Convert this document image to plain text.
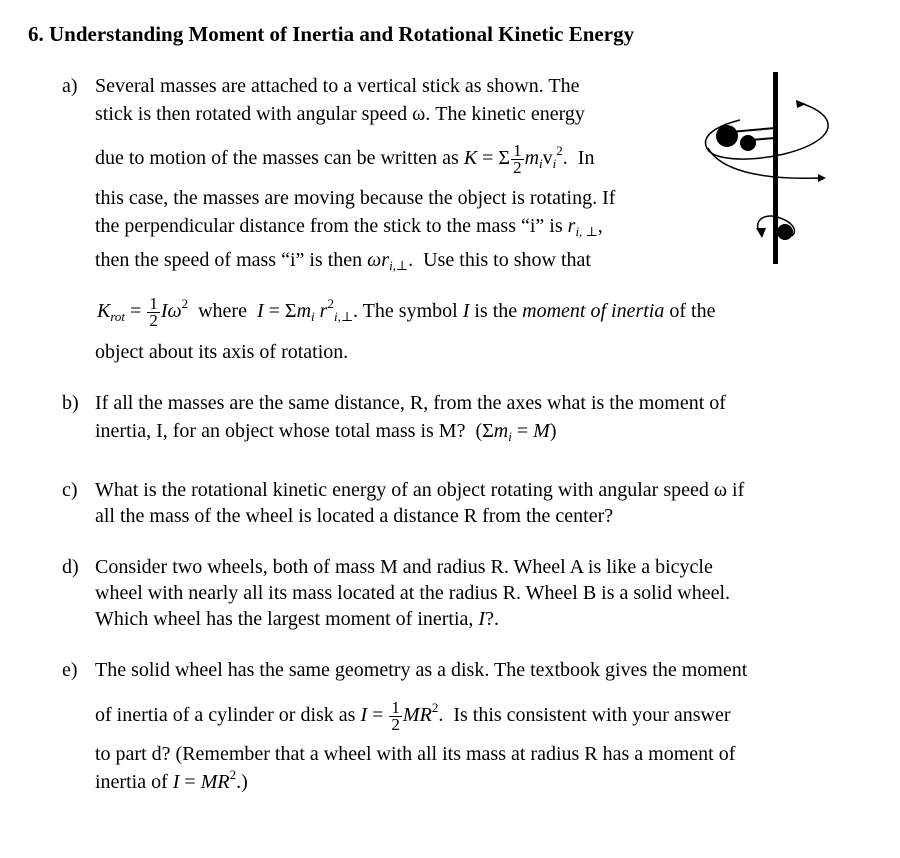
6. Understanding Moment of Inertia and Rotational Kinetic Energy
a) Several masses are attached to a vertical stick as shown. The
stick is then rotated with angular speed ω. The kinetic energy
due to motion of the masses can be written as K = Σ $\frac{1}{2} m_iv_i^2$. In
this case, the masses are moving because the object is rotating. If
the perpendicular distance from the stick to the mass “i” is $r_{i, \perp}$,
then the speed of mass “i” is then $\omega r_{i,\perp}$.  Use this to show that
$K_{rot} = \frac{1}{2} I\omega^2$ where $I = \Sigma m_i$ $r^2_{i,\perp}$. The symbol I is the moment of inertia of the
object about its axis of rotation.
b) If all the masses are the same distance, R, from the axes what is the moment of
inertia, I, for an object whose total mass is M? $(\Sigma m_i = M)$
c) What is the rotational kinetic energy of an object rotating with angular speed ω if
all the mass of the wheel is located a distance R from the center?
d) Consider two wheels, both of mass M and radius R. Wheel A is like a bicycle
wheel with nearly all its mass located at the radius R. Wheel B is a solid wheel.
Which wheel has the largest moment of inertia, I?.
e) The solid wheel has the same geometry as a disk. The textbook gives the moment
of inertia of a cylinder or disk as $I = \frac{1}{2} MR^2$. Is this consistent with your answer
to part d? (Remember that a wheel with all its mass at radius R has a moment of
inertia of $I = MR^2$.)
